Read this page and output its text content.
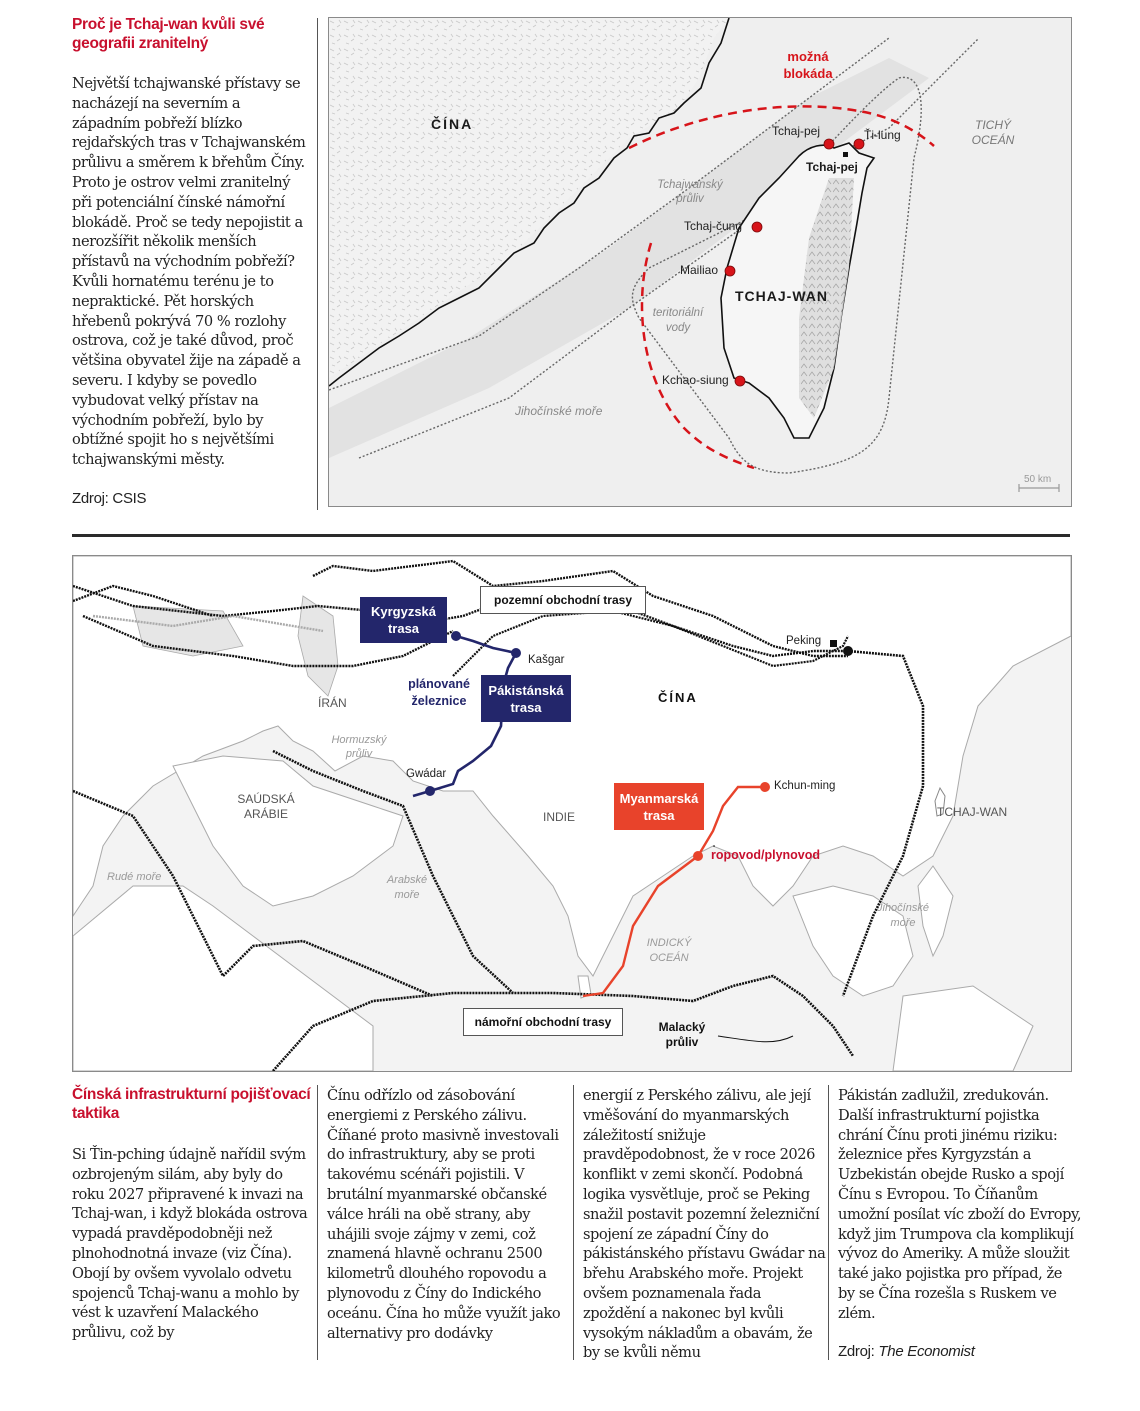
Proč je Tchaj-wan kvůli své geografii zranitelný
Největší tchajwanské přístavy se nacházejí na severním a západním pobřeží blízko rejdařských tras v Tchajwanském průlivu a směrem k břehům Číny. Proto je ostrov velmi zranitelný při potenciální čínské námořní blokádě. Proč se tedy nepojistit a nerozšířit několik menších přístavů na východním pobřeží? Kvůli hornatému terénu je to nepraktické. Pět horských hřebenů pokrývá 70 % rozlohy ostrova, což je také důvod, proč většina obyvatel žije na západě a severu. I kdyby se povedlo vybudovat velký přístav na východním pobřeží, bylo by obtížné spojit ho s největšími tchajwanskými městy.
Zdroj: CSIS
ČÍNA
možná blokáda
TICHÝ OCEÁN
Tchajwanský průliv
teritoriální vody
Jihočínské moře
TCHAJ-WAN
Tchaj-pej
Tchaj-pej	Ťi-lung
Tchaj-čung
Mailiao
Kchao-siung
50 km
pozemní obchodní trasy
námořní obchodní trasy
Kyrgyzská trasa
Pákistánská trasa
Myanmarská trasa
plánované železnice
ropovod/plynovod
Kašgar
Gwádar
Kchun-ming
Peking
ČÍNA
ÍRÁN
SAÚDSKÁ ARÁBIE	INDIE	TCHAJ-WAN
Hormuzský průliv
Rudé moře	Arabské moře
INDICKÝ OCEÁN
Jihočínské moře
Malacký průliv
Čínská infrastrukturní pojišťovací taktika
Si Ťin-pching údajně nařídil svým ozbrojeným silám, aby byly do roku 2027 připravené k invazi na Tchaj-wan, i když blokáda ostrova vypadá pravděpodobněji než plnohodnotná invaze (viz Čína). Obojí by ovšem vyvolalo odvetu spojenců Tchaj-wanu a mohlo by vést k uzavření Malackého průlivu, což by
Čínu odřízlo od zásobování energiemi z Perského zálivu. Číňané proto masivně investovali do infrastruktury, aby se proti takovému scénáři pojistili. V brutální myanmarské občanské válce hráli na obě strany, aby uhájili svoje zájmy v zemi, což znamená hlavně ochranu 2500 kilometrů dlouhého ropovodu a plynovodu z Číny do Indického oceánu. Čína ho může využít jako alternativy pro dodávky
energií z Perského zálivu, ale její vměšování do myanmarských záležitostí snižuje pravděpodobnost, že v roce 2026 konflikt v zemi skončí. Podobná logika vysvětluje, proč se Peking snažil postavit pozemní železniční spojení ze západní Číny do pákistánského přístavu Gwádar na břehu Arabského moře. Projekt ovšem poznamenala řada zpoždění a nakonec byl kvůli vysokým nákladům a obavám, že by se kvůli němu
Pákistán zadlužil, zredukován. Další infrastrukturní pojistka chrání Čínu proti jinému riziku: železnice přes Kyrgyzstán a Uzbekistán obejde Rusko a spojí Čínu s Evropou. To Číňanům umožní posílat víc zboží do Evropy, když jim Trumpova cla komplikují vývoz do Ameriky. A může sloužit také jako pojistka pro případ, že by se Čína rozešla s Ruskem ve zlém.
Zdroj: The Economist
